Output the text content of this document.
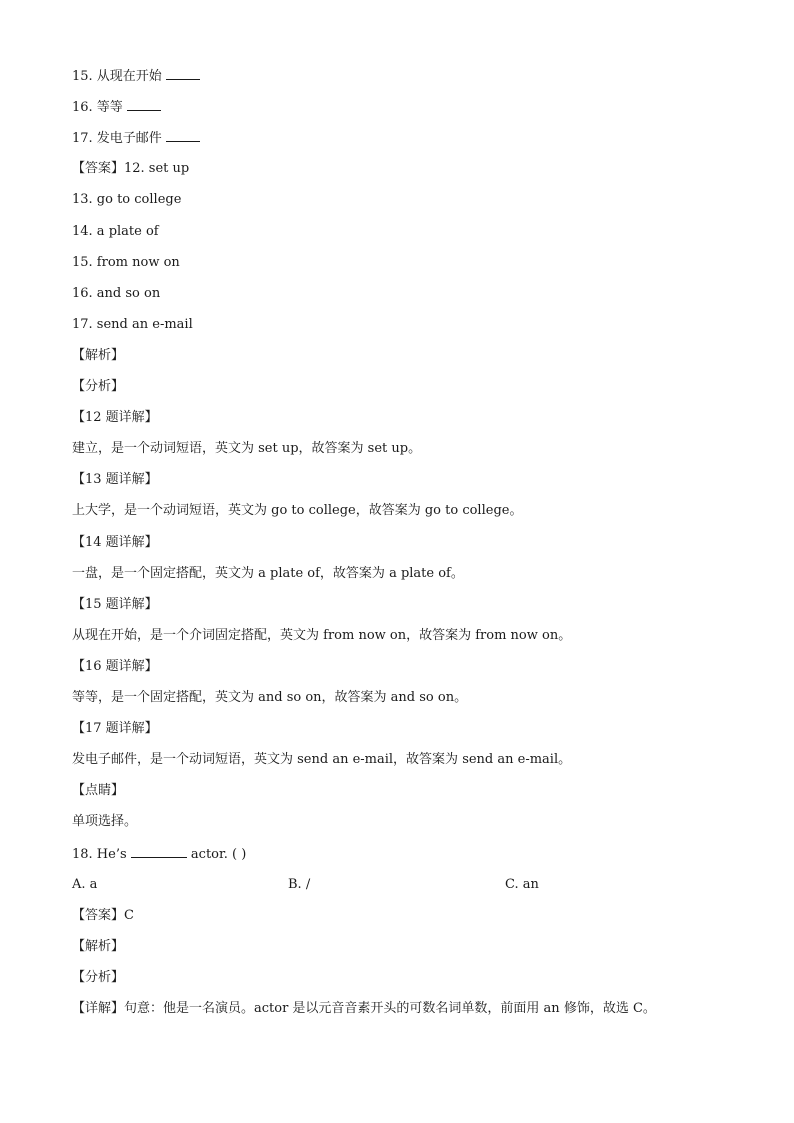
15. 从现在开始
16. 等等
17. 发电子邮件
【答案】12. set up
13. go to college
14. a plate of
15. from now on
16. and so on
17. send an e-mail
【解析】
【分析】
【12 题详解】
建立，是一个动词短语，英文为 set up，故答案为 set up。
【13 题详解】
上大学，是一个动词短语，英文为 go to college，故答案为 go to college。
【14 题详解】
一盘，是一个固定搭配，英文为 a plate of，故答案为 a plate of。
【15 题详解】
从现在开始，是一个介词固定搭配，英文为 from now on，故答案为 from now on。
【16 题详解】
等等，是一个固定搭配，英文为 and so on，故答案为 and so on。
【17 题详解】
发电子邮件，是一个动词短语，英文为 send an e-mail，故答案为 send an e-mail。
【点睛】
单项选择。
18. He’s	actor. ( )
A. a	B. /	C. an
【答案】C
【解析】
【分析】
【详解】句意：他是一名演员。actor 是以元音音素开头的可数名词单数，前面用 an 修饰，故选 C。
